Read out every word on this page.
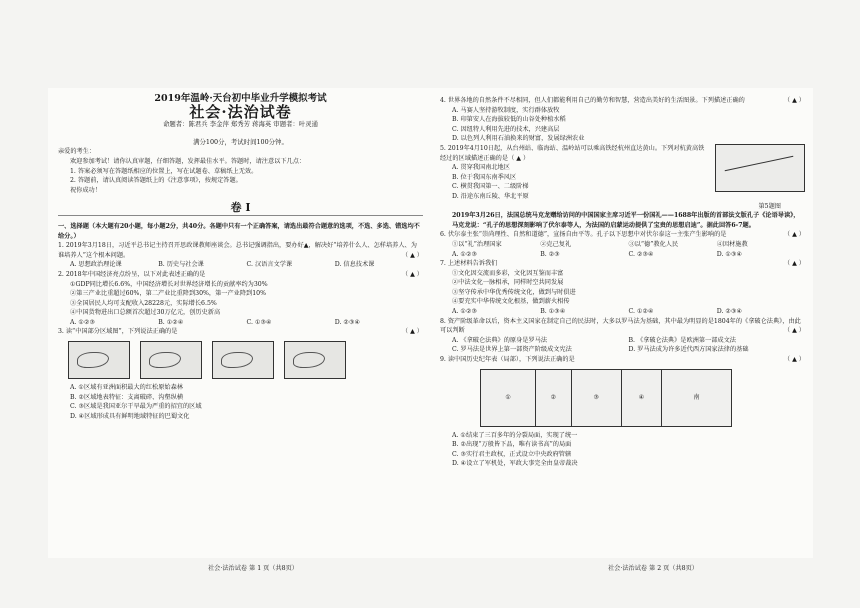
2019年温岭·天台初中毕业升学模拟考试
社会·法治试卷
命题者：陈君兵 李金萍 郑秀芳 蒋海英 审题者：叶灵通
满分100分，考试时间100分钟。

亲爱的考生：

欢迎参加考试！请你认真审题，仔细答题，发挥最佳水平。答题时，请注意以下几点：

1. 答案必须写在答题纸相应的位置上，写在试题卷、草稿纸上无效。

2. 答题前，请认真阅读答题纸上的《注意事项》，按规定答题。

祝你成功！

卷 I

一、选择题（本大题有20小题，每小题2分，共40分。各题中只有一个正确答案，请选出最符合题意的选项，不选、多选、错选均不给分。）

1. 2019年3月18日，习近平总书记主持召开思政课教师座谈会。总书记强调指出，要办好▲，解决好“培养什么人、怎样培养人、为谁培养人”这个根本问题。	（ ▲ ）

A. 思想政治理论课	B. 历史与社会课	C. 汉语言文学课	D. 信息技术课

2. 2018年中国经济亮点纷呈，以下对此表述正确的是	（ ▲ ）

①GDP同比增长6.6%，中国经济增长对世界经济增长的贡献率约为30%

②第三产业比重超过60%，第二产业比重降到30%，第一产业降到10%

③全国居民人均可支配收入28228元，实际增长6.5%

④中国货物进出口总额首次超过30万亿元，创历史新高

A. ①②③	B. ①②④	C. ①③④	D. ②③④

3. 读“中国部分区域图”，下列说法正确的是	（ ▲ ）

A. ①区域有亚洲面积最大的红松原始森林

B. ②区域地表特征：支离破碎、沟壑纵横

C. ③区域是我国亚尔干旱最为严重的招宜的区域

D. ④区域形成具有鲜明地域特征的巴蜀文化

4. 世界各地的自然条件不尽相同，但人们都能利用自己的勤劳和智慧，营造出美好的生活图景。下列描述正确的	（ ▲ ）

A. 马赛人坚持游牧制度，实行群体放牧

B. 印第安人在海拔较低的山谷处种植水稻

C. 因纽特人利用先进的技术，兴建高层

D. 以色列人利用石油换来的财富，发展绿洲农业

5. 2019年4月10日起，从台州站、临海站、温岭站可以乘高铁经杭州直达黄山。下列对杭黄高铁经过的区域描述正确的是（ ▲ ）

A. 贯穿我国南北地区

B. 位于我国东南季风区

C. 横贯我国第一、二级阶梯

D. 沿途东南丘陵、华北平原

第5题图

2019年3月26日，法国总统马克龙赠给访问的中国国家主席习近平一份国礼——1688年出版的首部法文版孔子《论语导读》，马克龙说：“孔子的思想深刻影响了伏尔泰等人，为法国的启蒙运动提供了宝贵的思想启迪”。据此回答6-7题。

6. 伏尔泰主张“崇尚理性、自然和道德”，宣扬自由平等。孔子以下思想中对伏尔泰这一主张产生影响的是	（ ▲ ）

①以“礼”治理国家	②克己复礼	③以“德”教化人民	④因材施教
A. ①②③	B. ②③	C. ②③④	D. ①③④

7. 上述材料告诉我们	（ ▲ ）

①文化因交流而多彩，文化因互鉴而丰富

②中法文化一脉相承，同样时空共同发展

③坚守传承中华优秀传统文化，做到与时俱进

④要充实中华传统文化根基，做到薪火相传

A. ①②③	B. ①③④	C. ①②④	D. ②③④

8. 资产阶级革命以后，资本主义国家在制定自己的民法时，大多以罗马法为基础，其中最为明显的是1804年的《拿破仑法典》，由此可以判断	（ ▲ ）

A. 《拿破仑法典》的原身是罗马法	B. 《拿破仑法典》是欧洲第一部成文法
C. 罗马法是世界上第一部资产阶级成文宪法	D. 罗马法成为许多近代西方国家法律的基础

9. 读中国历史纪年表（局部），下列说法正确的是	（ ▲ ）

①	②	③	④	南

A. ①结束了三百多年的分裂局面，实现了统一

B. ②出现“万般皆下品，唯有读书高”的局面

C. ③实行君主政权，正式设立中央政府管辖

D. ④设立了军机处，军政大事完全由皇帝裁决

社会·法治试卷 第 1 页（共8页）	社会·法治试卷 第 2 页（共8页）
